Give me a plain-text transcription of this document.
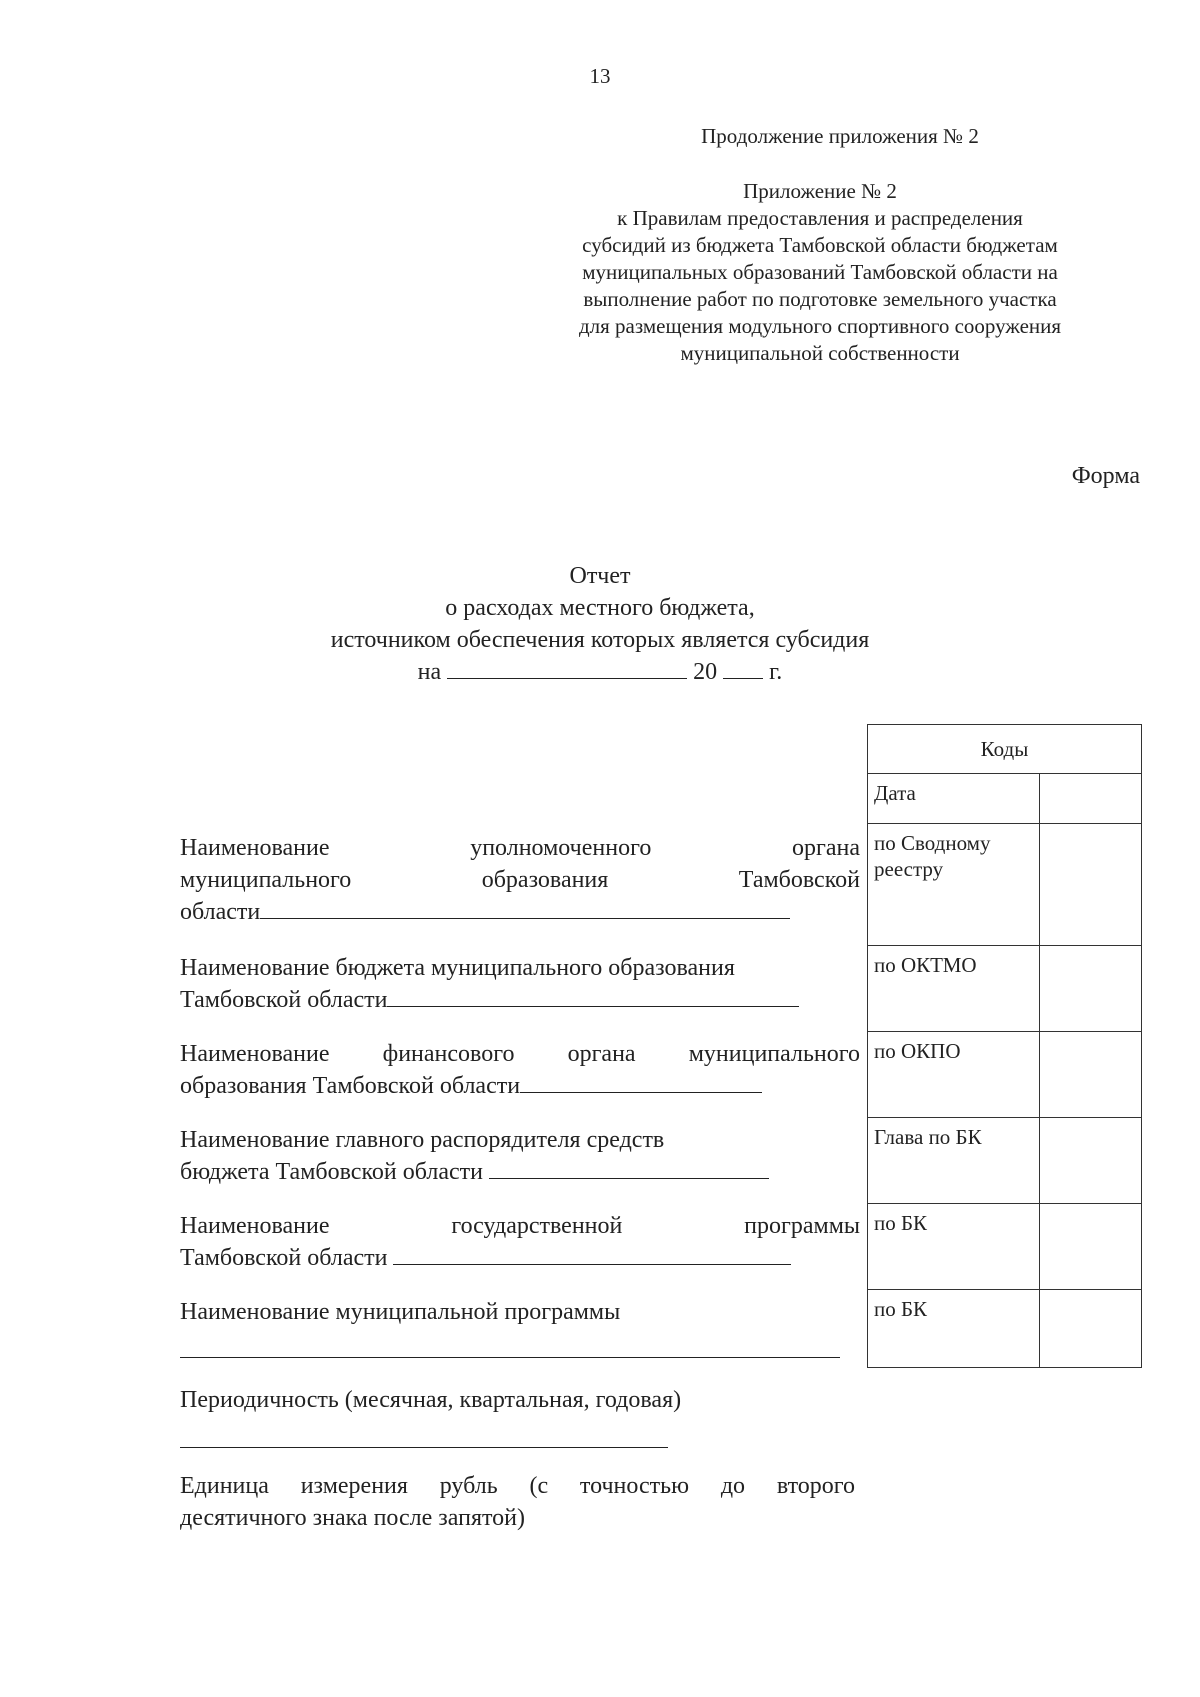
13
Продолжение приложения № 2
Приложение № 2
к Правилам предоставления и распределения
субсидий из бюджета Тамбовской области бюджетам
муниципальных образований Тамбовской области на
выполнение работ по подготовке земельного участка
для размещения модульного спортивного сооружения
муниципальной собственности
Форма
Отчет
о расходах местного бюджета,
источником обеспечения которых является субсидия
на	20 г.
Коды	
Дата	
по Сводному реестру	
по ОКТМО	
по ОКПО	
Глава по БК	
по БК	
по БК	
Наименование уполномоченного органа
муниципального образования Тамбовской
области
Наименование бюджета муниципального образования
Тамбовской области
Наименование финансового органа муниципального
образования Тамбовской области
Наименование главного распорядителя средств
бюджета Тамбовской области
Наименование государственной программы
Тамбовской области
Наименование муниципальной программы
Периодичность (месячная, квартальная, годовая)
Единица измерения рубль (с точностью до второго
десятичного знака после запятой)
